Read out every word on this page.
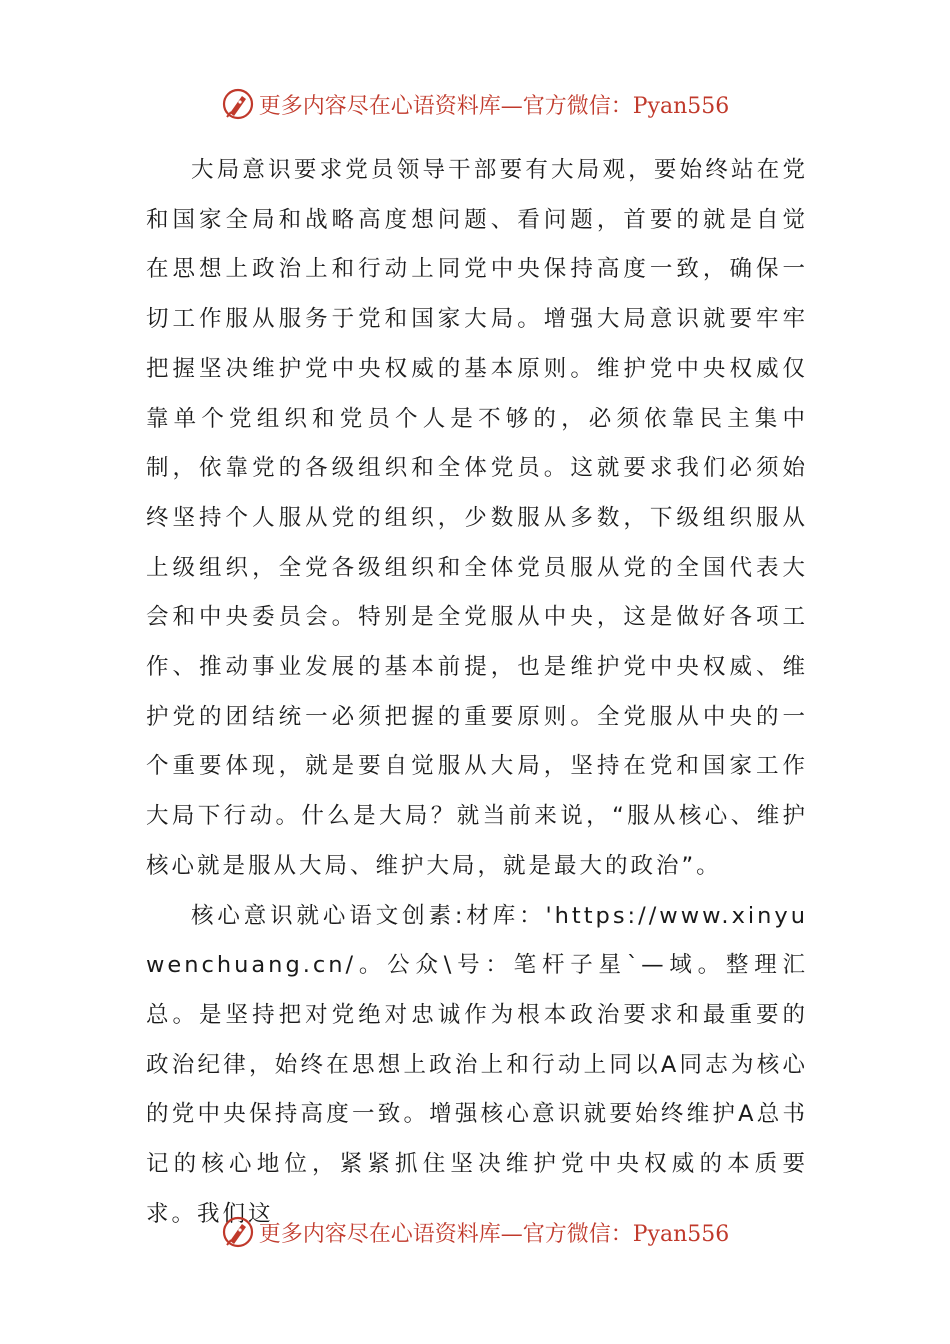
更多内容尽在心语资料库—官方微信：Pyan556

大局意识要求党员领导干部要有大局观，要始终站在党和国家全局和战略高度想问题、看问题，首要的就是自觉在思想上政治上和行动上同党中央保持高度一致，确保一切工作服从服务于党和国家大局。增强大局意识就要牢牢把握坚决维护党中央权威的基本原则。维护党中央权威仅靠单个党组织和党员个人是不够的，必须依靠民主集中制，依靠党的各级组织和全体党员。这就要求我们必须始终坚持个人服从党的组织，少数服从多数，下级组织服从上级组织，全党各级组织和全体党员服从党的全国代表大会和中央委员会。特别是全党服从中央，这是做好各项工作、推动事业发展的基本前提，也是维护党中央权威、维护党的团结统一必须把握的重要原则。全党服从中央的一个重要体现，就是要自觉服从大局，坚持在党和国家工作大局下行动。什么是大局？就当前来说，“服从核心、维护核心就是服从大局、维护大局，就是最大的政治”。

核心意识就心语文创素:材库：'https://www.xinyuwenchuang.cn/。公众\号：笔杆子星`—域。整理汇总。是坚持把对党绝对忠诚作为根本政治要求和最重要的政治纪律，始终在思想上政治上和行动上同以A同志为核心的党中央保持高度一致。增强核心意识就要始终维护A总书记的核心地位，紧紧抓住坚决维护党中央权威的本质要求。我们这

更多内容尽在心语资料库—官方微信：Pyan556
